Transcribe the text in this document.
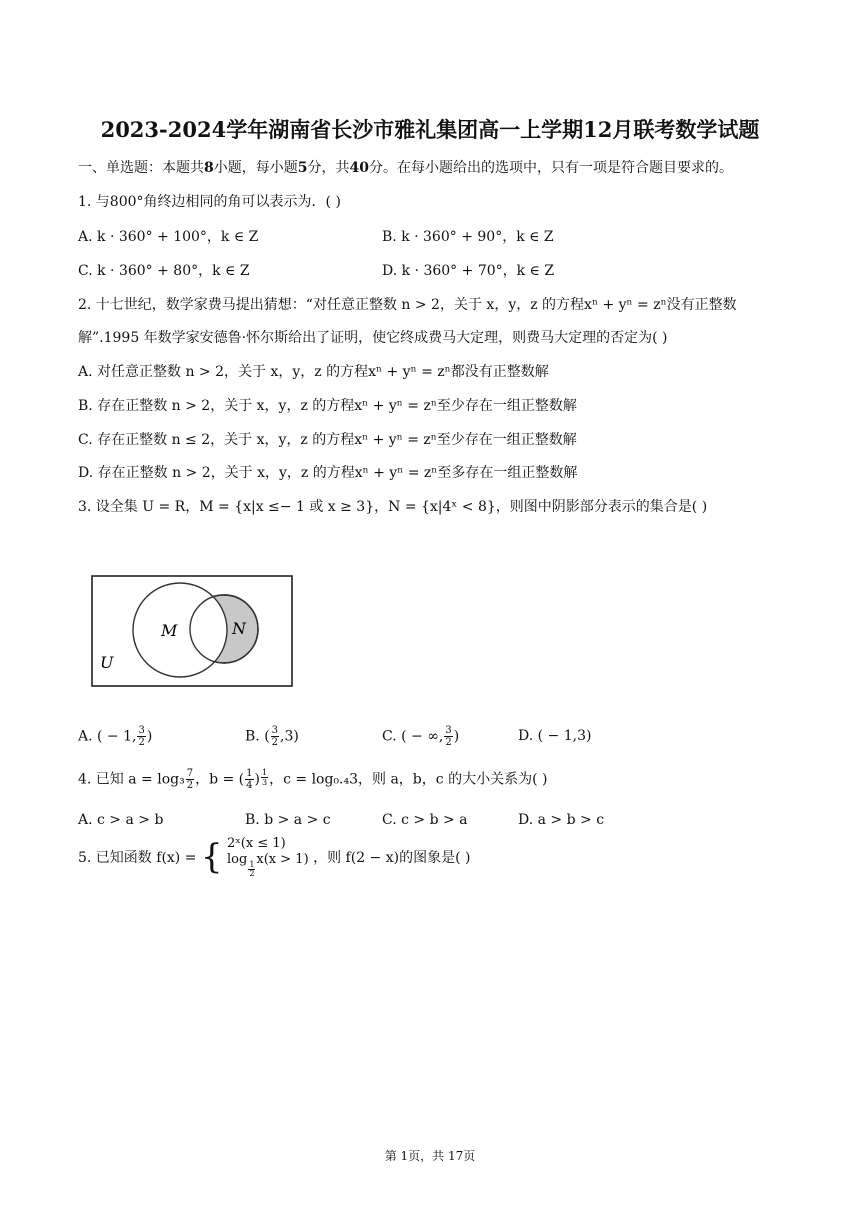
2023-2024学年湖南省长沙市雅礼集团高一上学期12月联考数学试题
一、单选题：本题共8小题，每小题5分，共40分。在每小题给出的选项中，只有一项是符合题目要求的。
1. 与800°角终边相同的角可以表示为．( )
A. k · 360° + 100°，k ∈ Z	B. k · 360° + 90°，k ∈ Z
C. k · 360° + 80°，k ∈ Z	D. k · 360° + 70°，k ∈ Z
2. 十七世纪，数学家费马提出猜想：“对任意正整数 n > 2，关于 x，y，z 的方程xⁿ + yⁿ = zⁿ没有正整数
解”.1995 年数学家安德鲁·怀尔斯给出了证明，使它终成费马大定理，则费马大定理的否定为( )
A. 对任意正整数 n > 2，关于 x，y，z 的方程xⁿ + yⁿ = zⁿ都没有正整数解
B. 存在正整数 n > 2，关于 x，y，z 的方程xⁿ + yⁿ = zⁿ至少存在一组正整数解
C. 存在正整数 n ≤ 2，关于 x，y，z 的方程xⁿ + yⁿ = zⁿ至少存在一组正整数解
D. 存在正整数 n > 2，关于 x，y，z 的方程xⁿ + yⁿ = zⁿ至多存在一组正整数解
3. 设全集 U = R，M = {x|x ≤− 1 或 x ≥ 3}，N = {x|4ˣ < 8}，则图中阴影部分表示的集合是( )
M	N
U
A. ( − 1, $\frac{3}{2}$ )	B. ( $\frac{3}{2} ,3$)	C. ( − ∞, $\frac{3}{2}$ )	D. ( − 1,3)
4. 已知 $a = \log_3 \frac{7}{2}$ ，b = ( $\frac{1}{4}$ ) $\frac{1}{3}$ ，c = log₀.₄3，则 a，b，c 的大小关系为( )
A. c > a > b	B. b > a > c	C. c > b > a	D. a > b > c
5. 已知函数 f(x) = { 2ˣ(x ≤ 1)
log
$\frac{1}{2}$
x(x > 1) ，则 f(2 − x)的图象是( )
第 1页，共 17页
